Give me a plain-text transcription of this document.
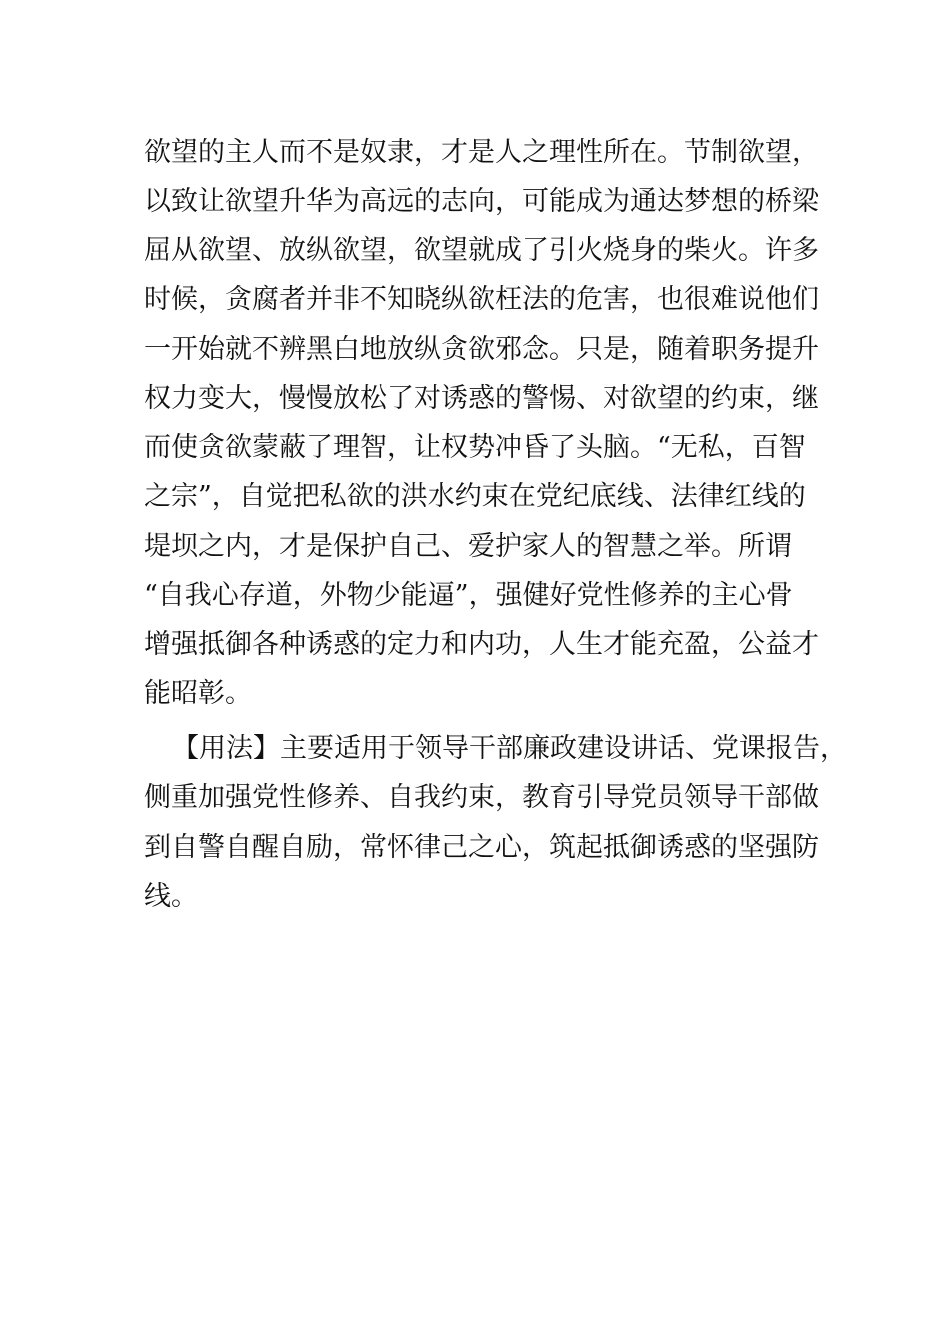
欲望的主人而不是奴隶，才是人之理性所在。节制欲望，
以致让欲望升华为高远的志向，可能成为通达梦想的桥梁
屈从欲望、放纵欲望，欲望就成了引火烧身的柴火。许多
时候，贪腐者并非不知晓纵欲枉法的危害，也很难说他们
一开始就不辨黑白地放纵贪欲邪念。只是，随着职务提升
权力变大，慢慢放松了对诱惑的警惕、对欲望的约束，继
而使贪欲蒙蔽了理智，让权势冲昏了头脑。“无私，百智
之宗”，自觉把私欲的洪水约束在党纪底线、法律红线的
堤坝之内，才是保护自己、爱护家人的智慧之举。所谓
“自我心存道，外物少能逼”，强健好党性修养的主心骨
增强抵御各种诱惑的定力和内功，人生才能充盈，公益才
能昭彰。
【用法】主要适用于领导干部廉政建设讲话、党课报告，
侧重加强党性修养、自我约束，教育引导党员领导干部做
到自警自醒自励，常怀律己之心，筑起抵御诱惑的坚强防
线。
